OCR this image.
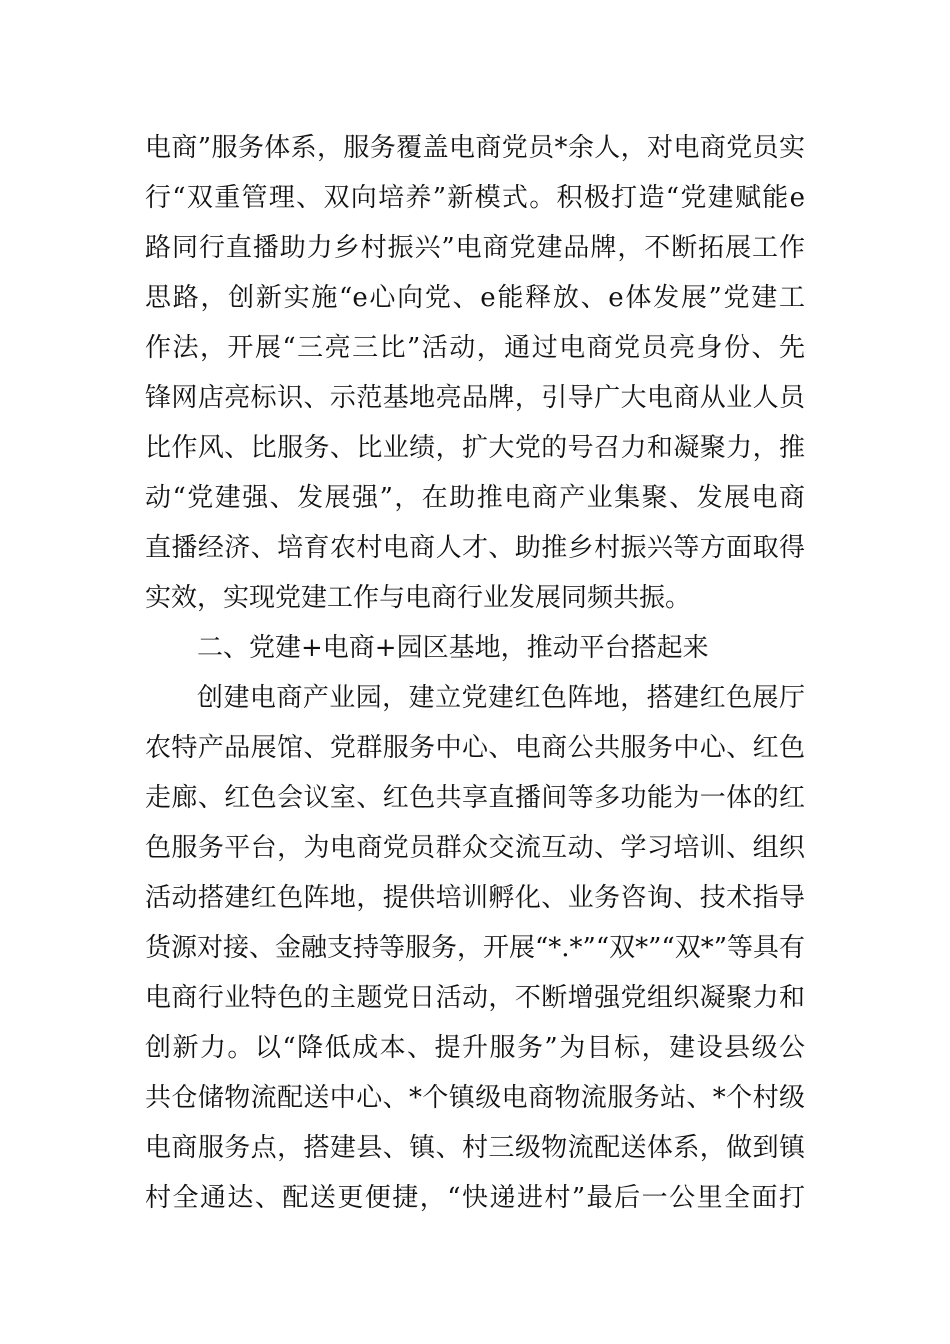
电商”服务体系，服务覆盖电商党员*余人，对电商党员实
行“双重管理、双向培养”新模式。积极打造“党建赋能e
路同行直播助力乡村振兴”电商党建品牌，不断拓展工作
思路，创新实施“e心向党、e能释放、e体发展”党建工
作法，开展“三亮三比”活动，通过电商党员亮身份、先
锋网店亮标识、示范基地亮品牌，引导广大电商从业人员
比作风、比服务、比业绩，扩大党的号召力和凝聚力，推
动“党建强、发展强”，在助推电商产业集聚、发展电商
直播经济、培育农村电商人才、助推乡村振兴等方面取得
实效，实现党建工作与电商行业发展同频共振。
二、党建+电商+园区基地，推动平台搭起来
创建电商产业园，建立党建红色阵地，搭建红色展厅
农特产品展馆、党群服务中心、电商公共服务中心、红色
走廊、红色会议室、红色共享直播间等多功能为一体的红
色服务平台，为电商党员群众交流互动、学习培训、组织
活动搭建红色阵地，提供培训孵化、业务咨询、技术指导
货源对接、金融支持等服务，开展“*.*”“双*”“双*”等具有
电商行业特色的主题党日活动，不断增强党组织凝聚力和
创新力。以“降低成本、提升服务”为目标，建设县级公
共仓储物流配送中心、*个镇级电商物流服务站、*个村级
电商服务点，搭建县、镇、村三级物流配送体系，做到镇
村全通达、配送更便捷，“快递进村”最后一公里全面打
